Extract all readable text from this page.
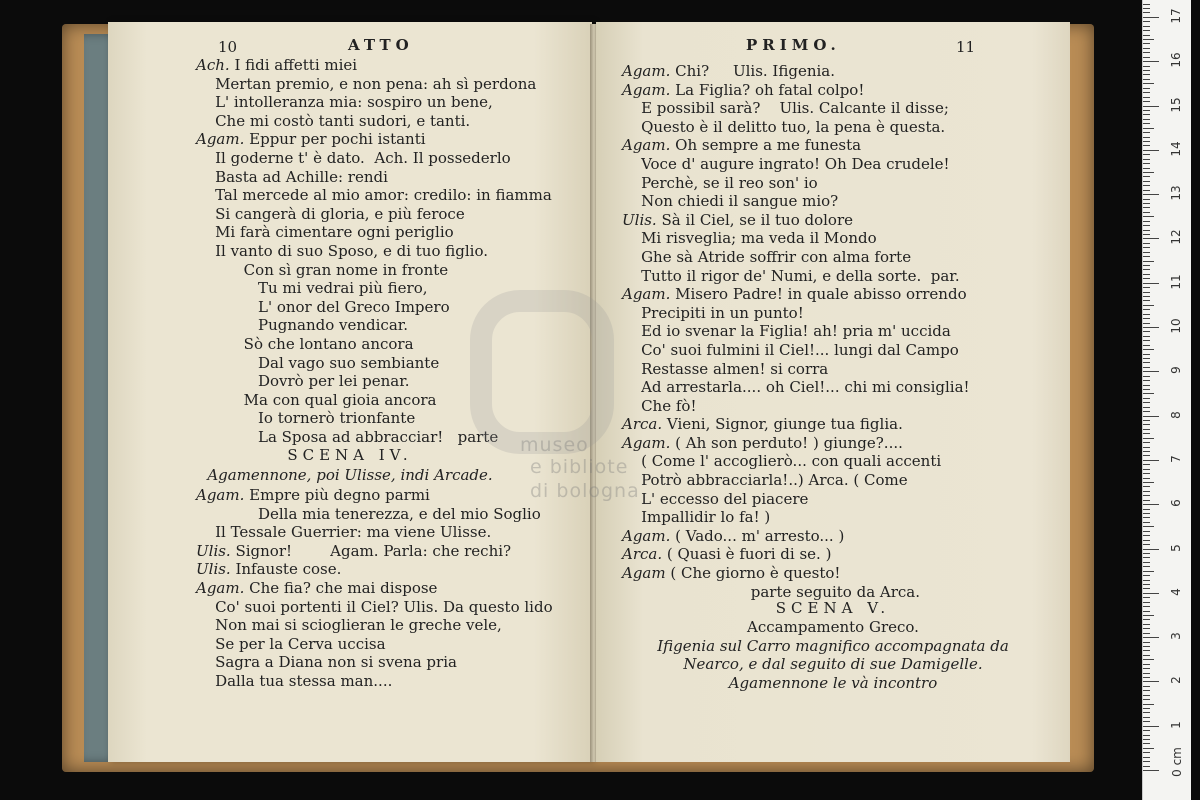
10	ATTO
Ach. I fidi affetti miei
Mertan premio, e non pena: ah sì perdona
L' intolleranza mia: sospiro un bene,
Che mi costò tanti sudori, e tanti.
Agam. Eppur per pochi istanti
Il goderne t' è dato.  Ach. Il possederlo
Basta ad Achille: rendi
Tal mercede al mio amor: credilo: in fiamma
Si cangerà di gloria, e più feroce
Mi farà cimentare ogni periglio
Il vanto di suo Sposo, e di tuo figlio.
Con sì gran nome in fronte
Tu mi vedrai più fiero,
L' onor del Greco Impero
Pugnando vendicar.
Sò che lontano ancora
Dal vago suo sembiante
Dovrò per lei penar.
Ma con qual gioia ancora
Io tornerò trionfante
La Sposa ad abbracciar!   parte
SCENA IV.
Agamennone, poi Ulisse, indi Arcade.
Agam. Empre più degno parmi
Della mia tenerezza, e del mio Soglio
Il Tessale Guerrier: ma viene Ulisse.
Ulis. Signor!        Agam. Parla: che rechi?
Ulis. Infauste cose.
Agam. Che fia? che mai dispose
Co' suoi portenti il Ciel? Ulis. Da questo lido
Non mai si scioglieran le greche vele,
Se per la Cerva uccisa
Sagra a Diana non si svena pria
Dalla tua stessa man....
PRIMO.	11
Agam. Chi?     Ulis. Ifigenia.
Agam. La Figlia? oh fatal colpo!
E possibil sarà?    Ulis. Calcante il disse;
Questo è il delitto tuo, la pena è questa.
Agam. Oh sempre a me funesta
Voce d' augure ingrato! Oh Dea crudele!
Perchè, se il reo son' io
Non chiedi il sangue mio?
Ulis. Sà il Ciel, se il tuo dolore
Mi risveglia; ma veda il Mondo
Ghe sà Atride soffrir con alma forte
Tutto il rigor de' Numi, e della sorte.  par.
Agam. Misero Padre! in quale abisso orrendo
Precipiti in un punto!
Ed io svenar la Figlia! ah! pria m' uccida
Co' suoi fulmini il Ciel!... lungi dal Campo
Restasse almen! si corra
Ad arrestarla.... oh Ciel!... chi mi consiglia!
Che fò!
Arca. Vieni, Signor, giunge tua figlia.
Agam. ( Ah son perduto! ) giunge?....
( Come l' accoglierò... con quali accenti
Potrò abbracciarla!..) Arca. ( Come
L' eccesso del piacere
Impallidir lo fa! )
Agam. ( Vado... m' arresto... )
Arca. ( Quasi è fuori di se. )
Agam ( Che giorno è questo!
parte seguito da Arca.
SCENA V.
Accampamento Greco.
Ifigenia sul Carro magnifico accompagnata da
Nearco, e dal seguito di sue Damigelle.
Agamennone le và incontro
museo
e bibliote
di bologna
0 cm
1
2
3
4
5
6
7
8
9
10
11
12
13
14
15
16
17
